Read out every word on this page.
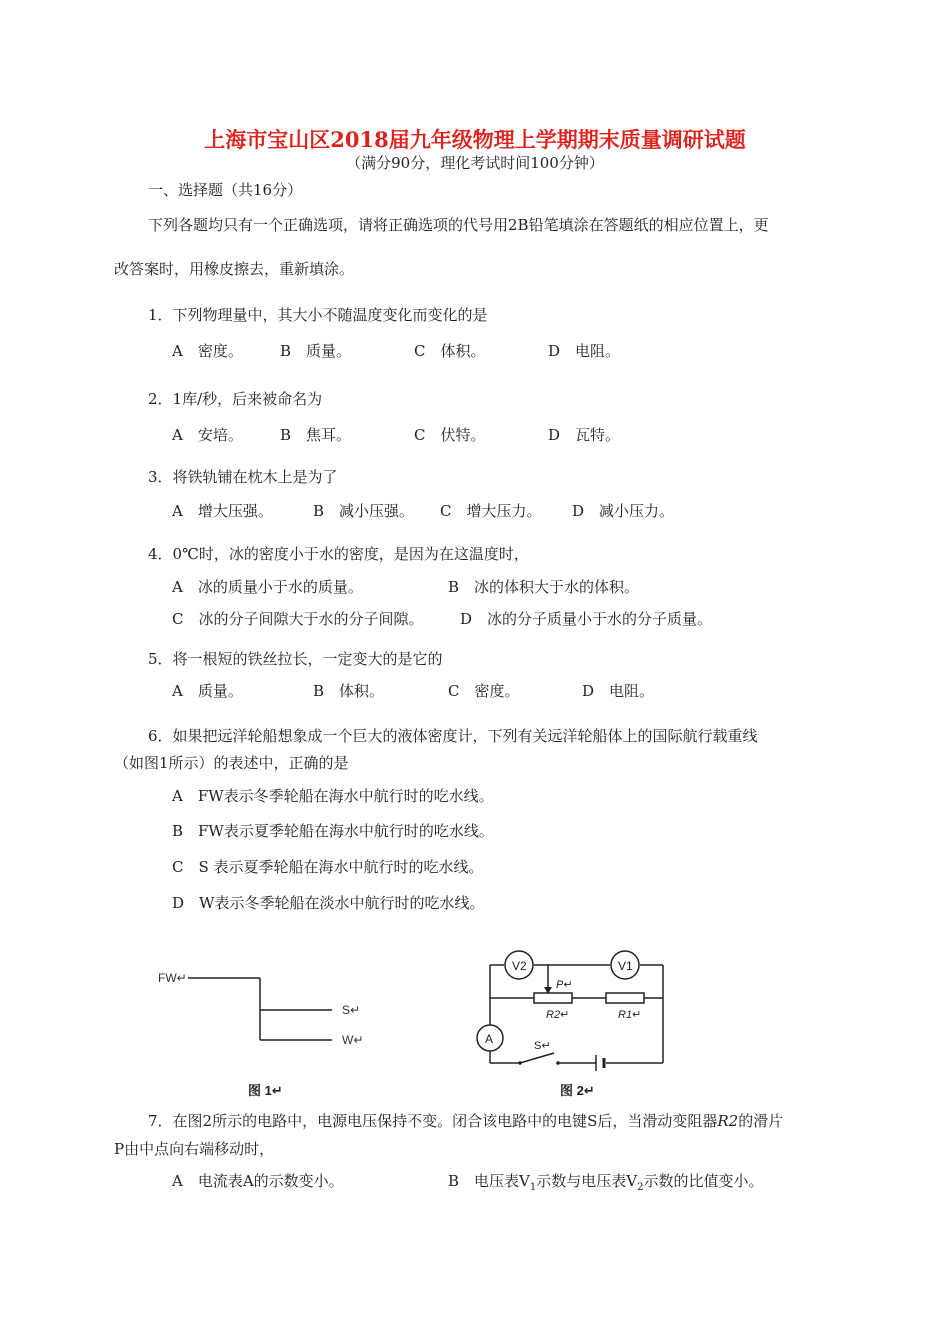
上海市宝山区2018届九年级物理上学期期末质量调研试题
（满分90分，理化考试时间100分钟）
一、选择题（共16分）
下列各题均只有一个正确选项，请将正确选项的代号用2B铅笔填涂在答题纸的相应位置上，更
改答案时，用橡皮擦去，重新填涂。
1．下列物理量中，其大小不随温度变化而变化的是
A　密度。 B　质量。	C　体积。	D　电阻。
2．1库/秒，后来被命名为
A　安培。 B　焦耳。	C　伏特。	D　瓦特。
3．将铁轨铺在枕木上是为了
A　增大压强。	B　减小压强。 C　增大压力。 D　减小压力。
4．0℃时，冰的密度小于水的密度，是因为在这温度时，
A　冰的质量小于水的质量。	B　冰的体积大于水的体积。
C　冰的分子间隙大于水的分子间隙。 D　冰的分子质量小于水的分子质量。
5．将一根短的铁丝拉长，一定变大的是它的
A　质量。	B　体积。	C　密度。	D　电阻。
6．如果把远洋轮船想象成一个巨大的液体密度计，下列有关远洋轮船体上的国际航行载重线
（如图1所示）的表述中，正确的是
A　FW表示冬季轮船在海水中航行时的吃水线。
B　FW表示夏季轮船在海水中航行时的吃水线。
C　S 表示夏季轮船在海水中航行时的吃水线。
D　W表示冬季轮船在淡水中航行时的吃水线。
FW↵
S↵
W↵
图 1↵
V2	V1
A
P↵
R2↵	R1↵
S↵
图 2↵
7．在图2所示的电路中，电源电压保持不变。闭合该电路中的电键S后，当滑动变阻器R2的滑片
P由中点向右端移动时，
A　电流表A的示数变小。	B　电压表$V_1$示数与电压表$V_2$示数的比值变小。
